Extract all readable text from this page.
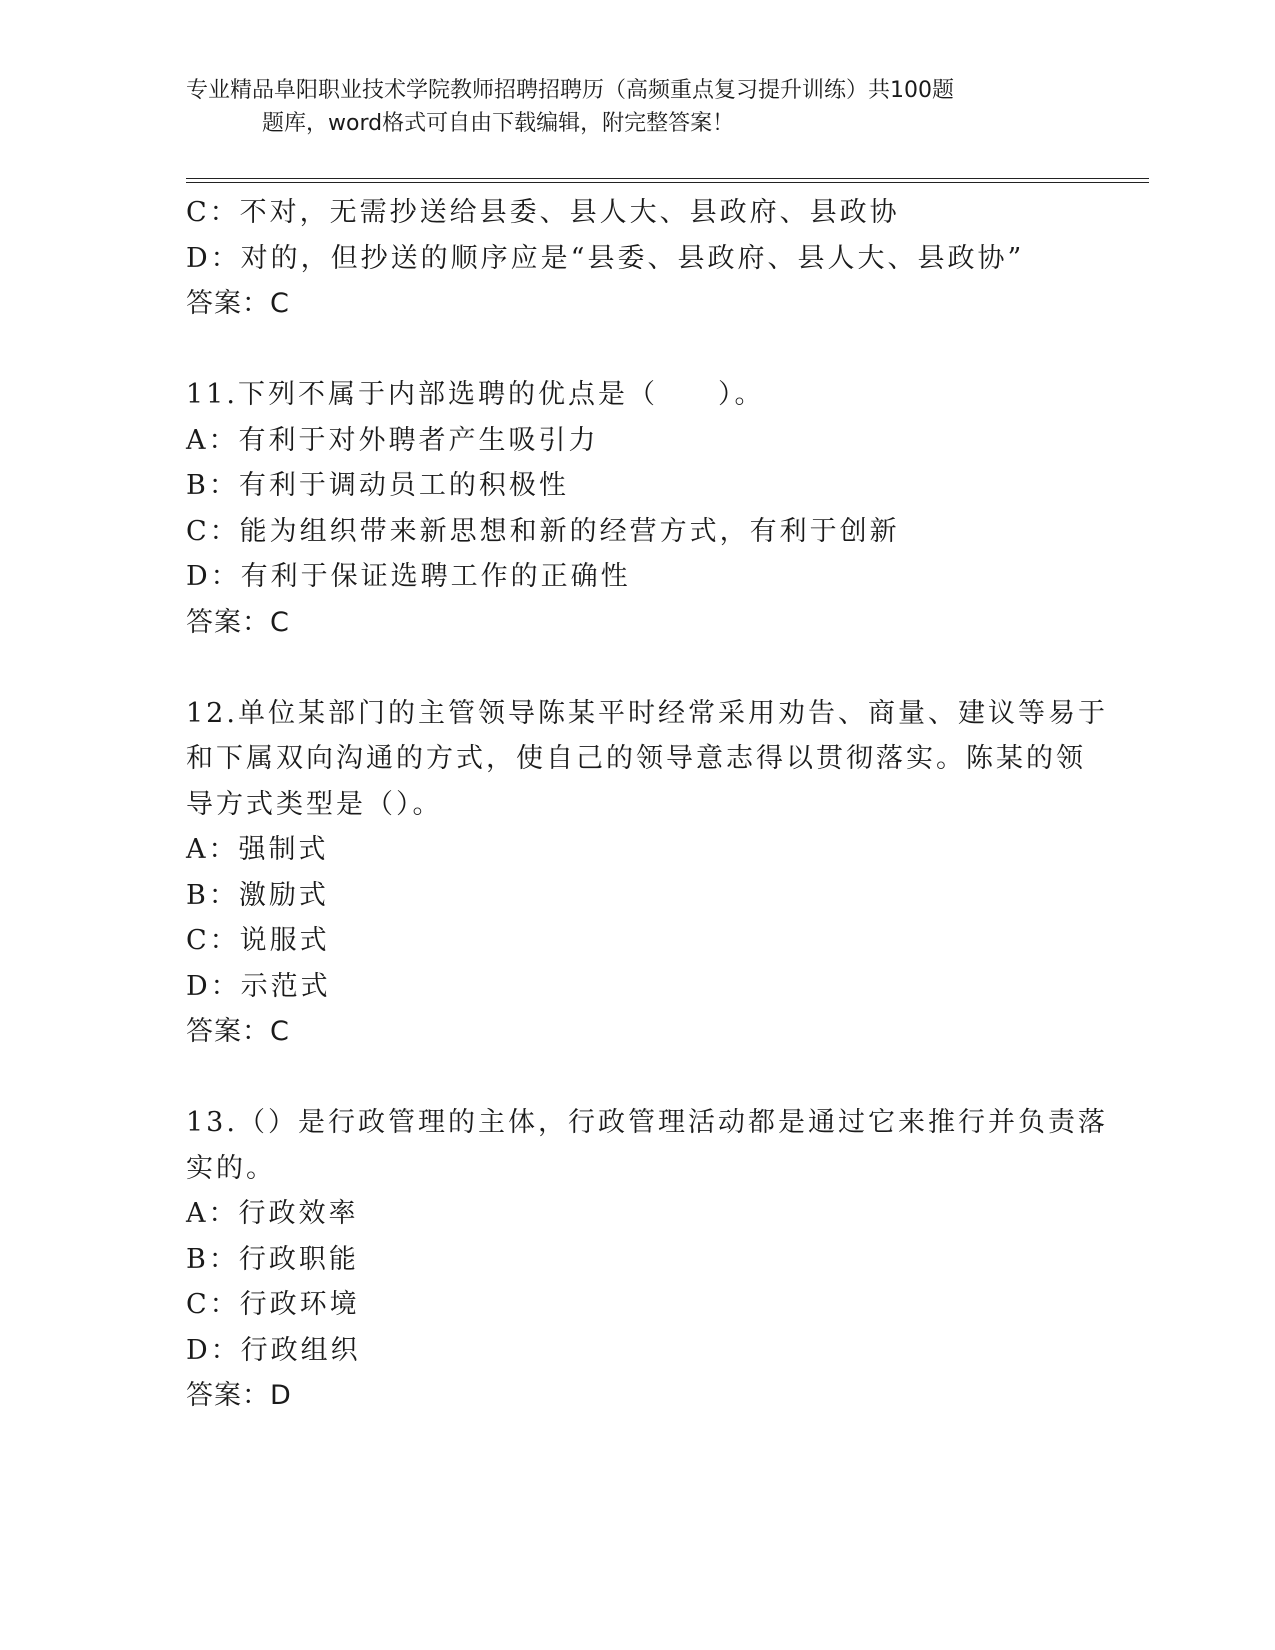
专业精品阜阳职业技术学院教师招聘招聘历（高频重点复习提升训练）共100题
题库，word格式可自由下载编辑，附完整答案！
C：不对，无需抄送给县委、县人大、县政府、县政协
D：对的，但抄送的顺序应是“县委、县政府、县人大、县政协”
答案：C
11.下列不属于内部选聘的优点是（　　）。
A：有利于对外聘者产生吸引力
B：有利于调动员工的积极性
C：能为组织带来新思想和新的经营方式，有利于创新
D：有利于保证选聘工作的正确性
答案：C
12.单位某部门的主管领导陈某平时经常采用劝告、商量、建议等易于
和下属双向沟通的方式，使自己的领导意志得以贯彻落实。陈某的领
导方式类型是（）。
A：强制式
B：激励式
C：说服式
D：示范式
答案：C
13.（）是行政管理的主体，行政管理活动都是通过它来推行并负责落
实的。
A：行政效率
B：行政职能
C：行政环境
D：行政组织
答案：D
